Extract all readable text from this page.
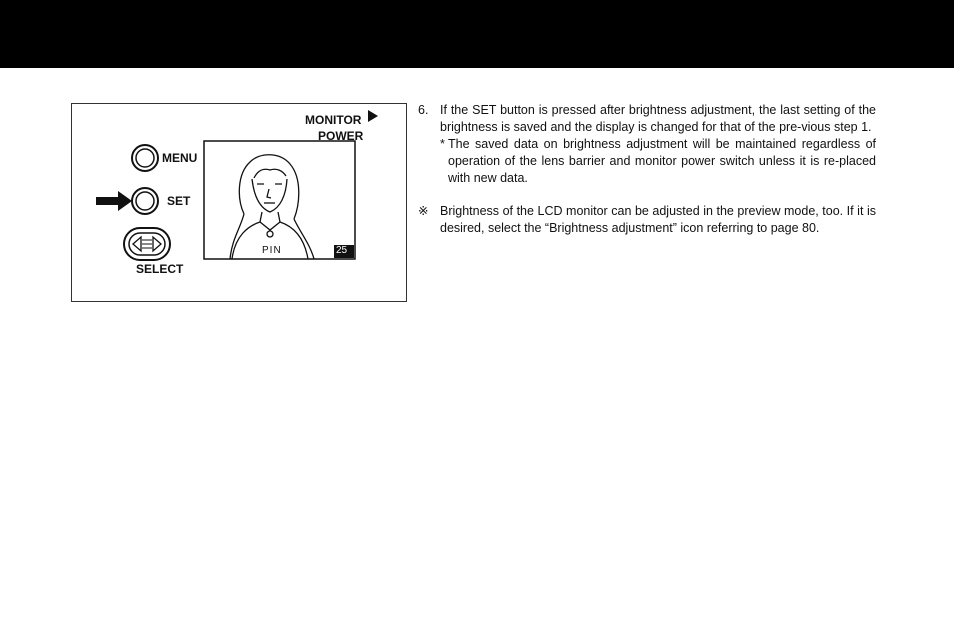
MONITOR
POWER
MENU
SET
SELECT
25
PIN
6. If the SET button is pressed after brightness adjustment, the last setting of the brightness is saved and the display is changed for that of the pre-vious step 1.
* The saved data on brightness adjustment will be maintained regardless of operation of the lens barrier and monitor power switch unless it is re-placed with new data.
※ Brightness of the LCD monitor can be adjusted in the preview mode, too. If it is desired, select the “Brightness adjustment” icon referring to page 80.
